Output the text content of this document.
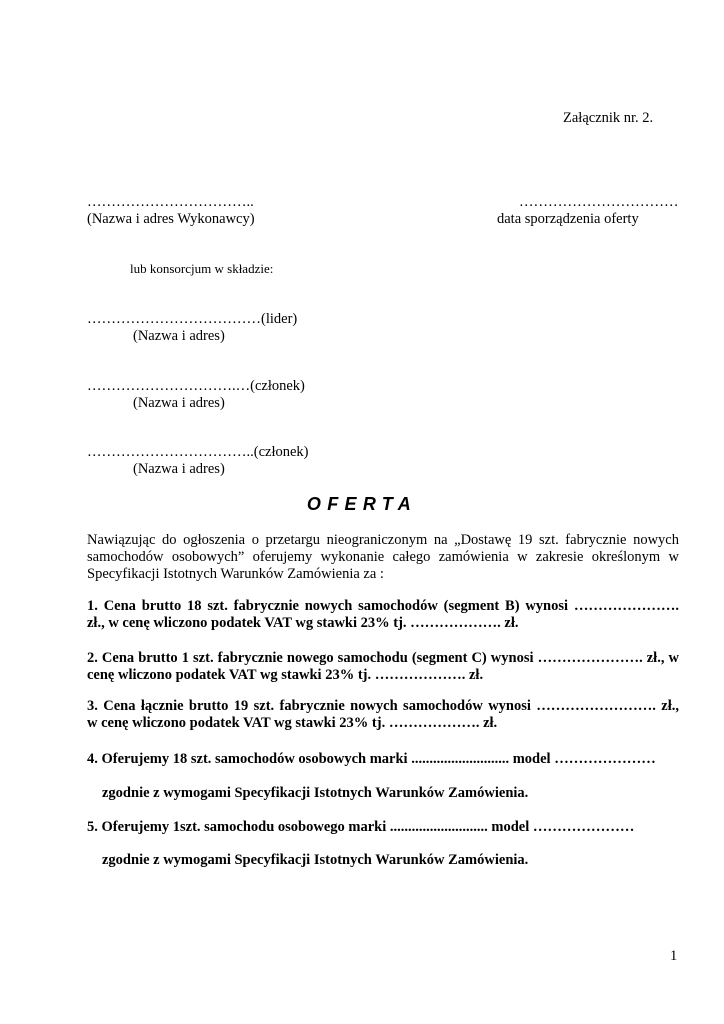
Załącznik nr. 2.
……………………………..
(Nazwa i adres Wykonawcy)
……………………………
data sporządzenia oferty
lub konsorcjum w składzie:
………………………………(lider)
(Nazwa i adres)
………………………….…(członek)
(Nazwa i adres)
……………………………..(członek)
(Nazwa i adres)
OFERTA
Nawiązując do ogłoszenia o przetargu nieograniczonym na „Dostawę 19 szt. fabrycznie nowych
samochodów osobowych” oferujemy wykonanie całego zamówienia w zakresie określonym w
Specyfikacji Istotnych Warunków Zamówienia za :
1. Cena brutto 18 szt. fabrycznie nowych samochodów (segment B) wynosi ………………….
zł., w cenę wliczono podatek VAT wg stawki 23% tj. ………………. zł.
2. Cena brutto 1 szt. fabrycznie nowego samochodu (segment C) wynosi …………………. zł., w
cenę wliczono podatek VAT wg stawki 23% tj. ………………. zł.
3. Cena łącznie brutto 19 szt. fabrycznie nowych samochodów wynosi ……………………. zł.,
w cenę wliczono podatek VAT wg stawki 23% tj. ………………. zł.
4. Oferujemy 18 szt. samochodów osobowych marki ........................... model …………………
zgodnie z wymogami Specyfikacji Istotnych Warunków Zamówienia.
5. Oferujemy 1szt. samochodu osobowego marki ........................... model …………………
zgodnie z wymogami Specyfikacji Istotnych Warunków Zamówienia.
1
